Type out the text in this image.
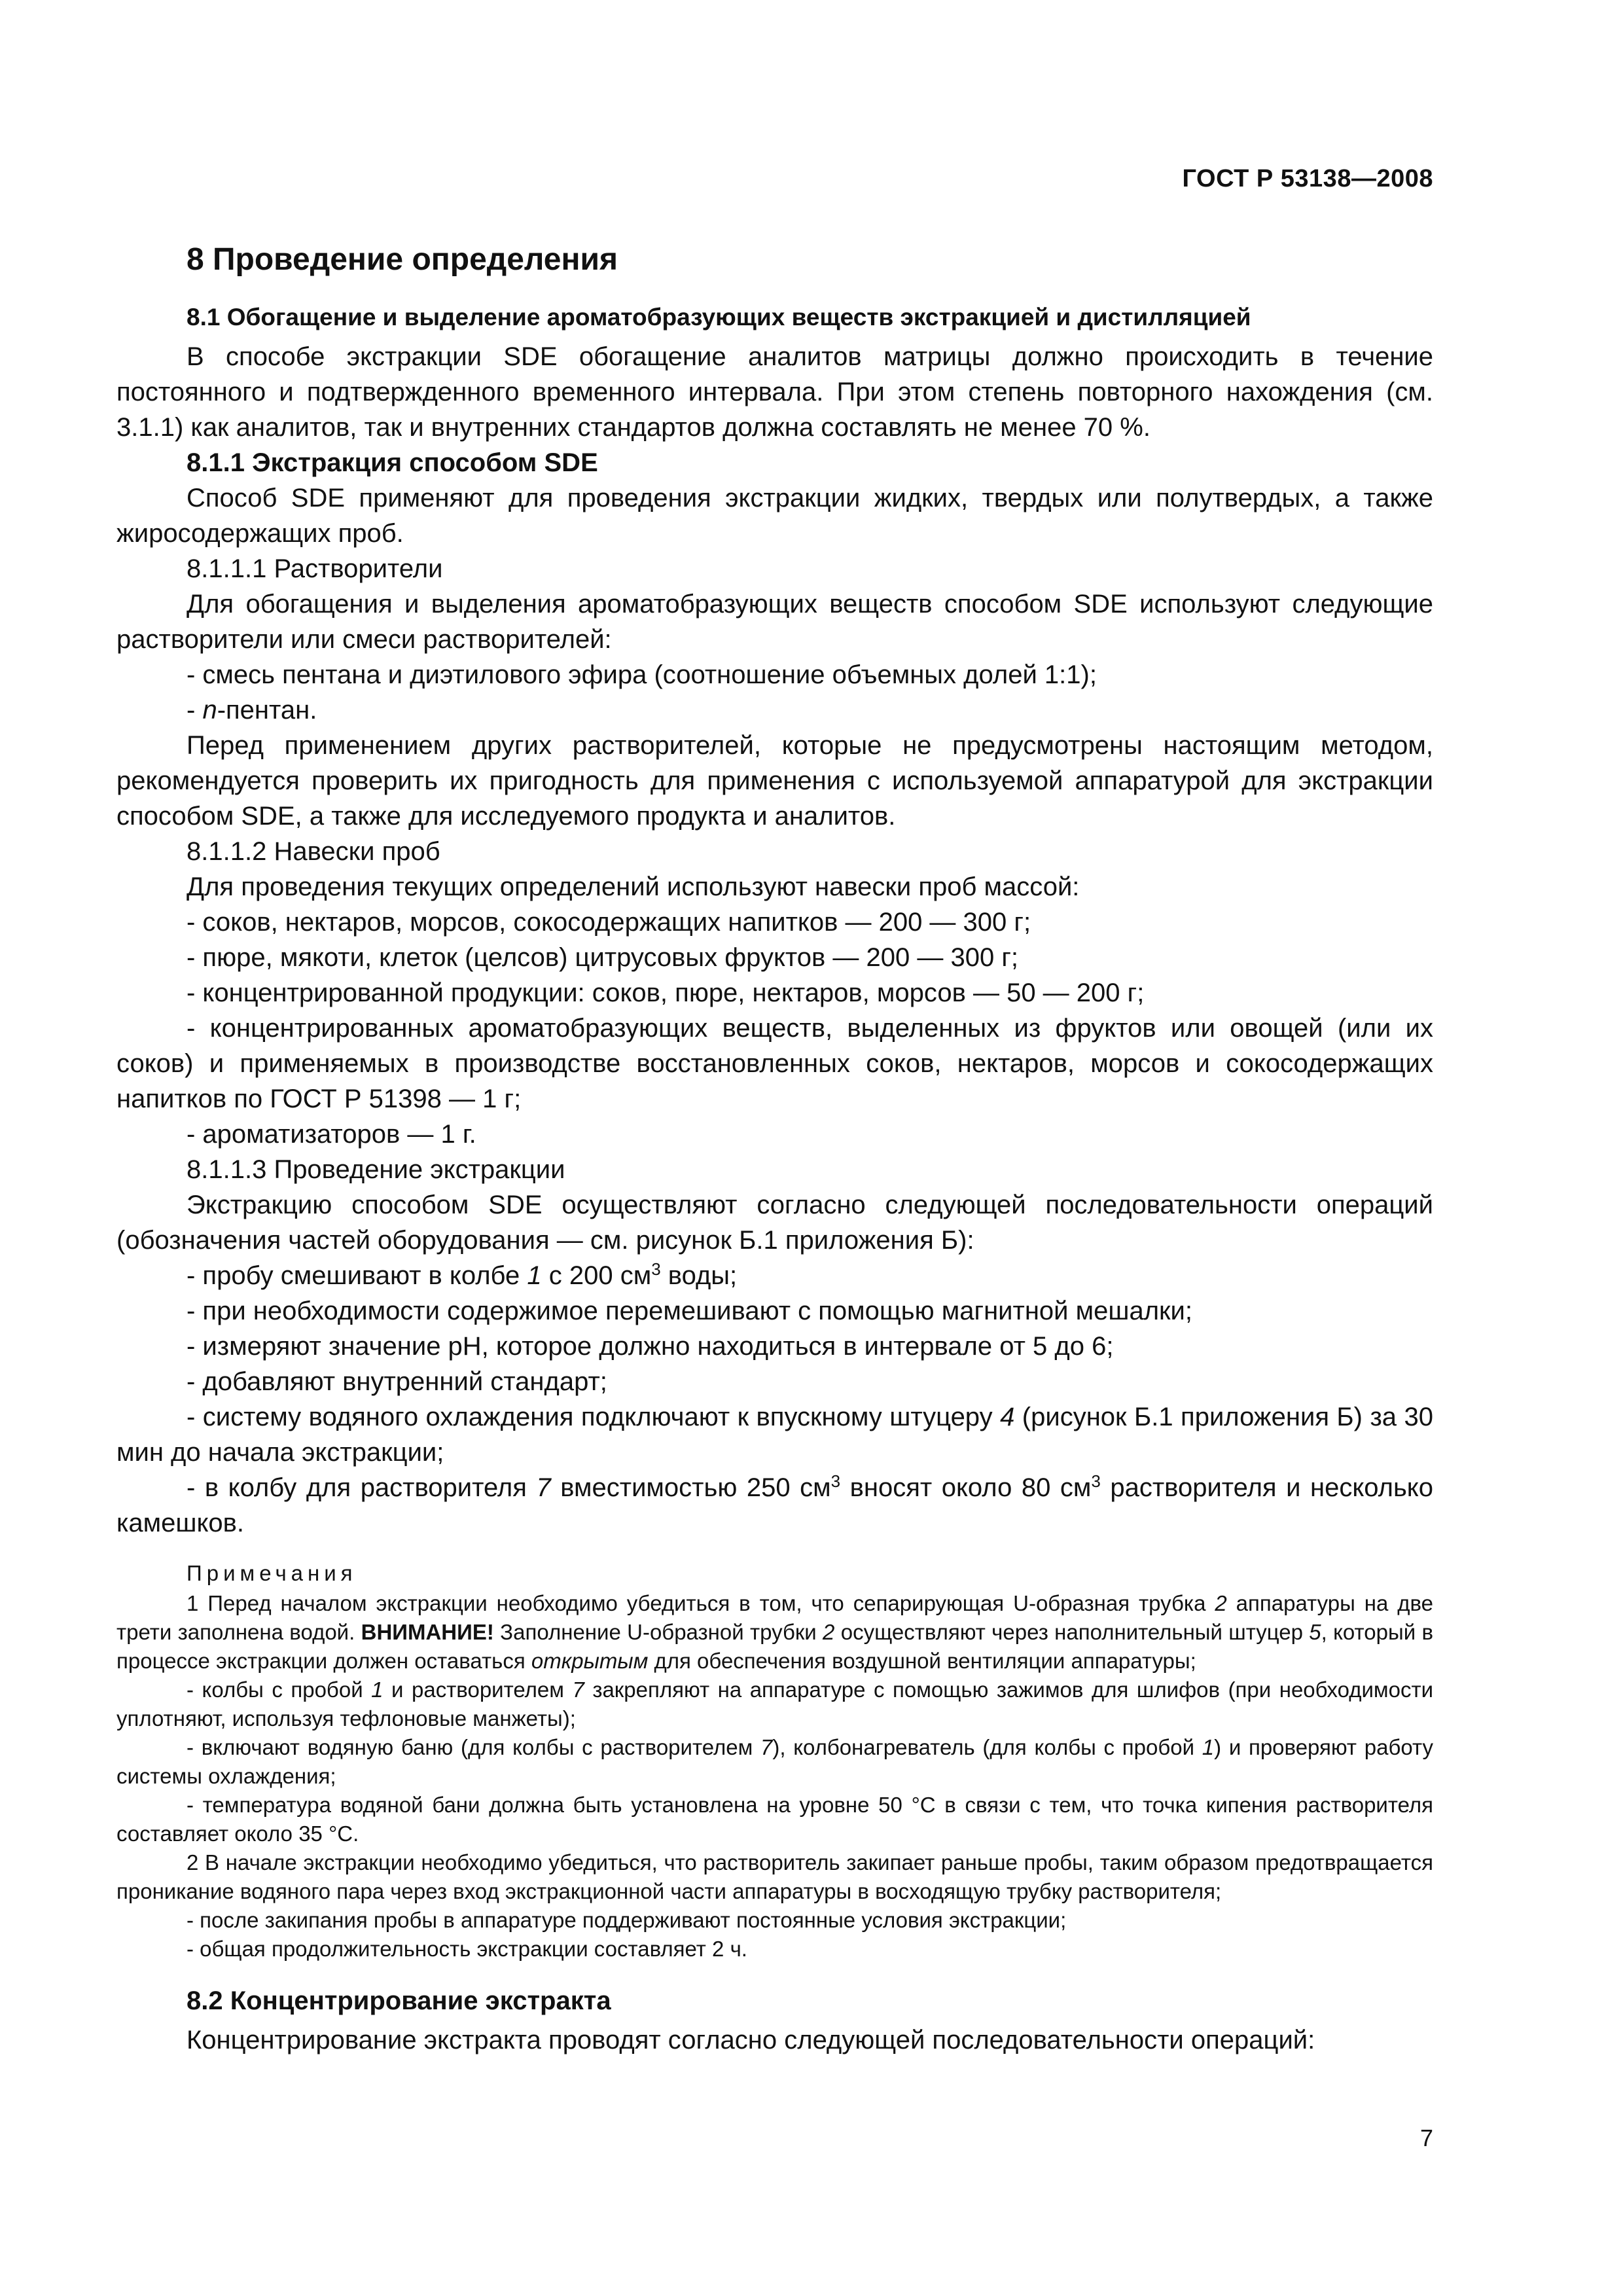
ГОСТ Р 53138—2008
8 Проведение определения
8.1 Обогащение и выделение ароматобразующих веществ экстракцией и дистилляцией

В способе экстракции SDE обогащение аналитов матрицы должно происходить в течение постоянного и подтвержденного временного интервала. При этом степень повторного нахождения (см. 3.1.1) как аналитов, так и внутренних стандартов должна составлять не менее 70 %.

8.1.1 Экстракция способом SDE

Способ SDE применяют для проведения экстракции жидких, твердых или полутвердых, а также жиросодержащих проб.

8.1.1.1 Растворители

Для обогащения и выделения ароматобразующих веществ способом SDE используют следующие растворители или смеси растворителей:

- смесь пентана и диэтилового эфира (соотношение объемных долей 1:1);

- n-пентан.

Перед применением других растворителей, которые не предусмотрены настоящим методом, рекомендуется проверить их пригодность для применения с используемой аппаратурой для экстракции способом SDE, а также для исследуемого продукта и аналитов.

8.1.1.2 Навески проб

Для проведения текущих определений используют навески проб массой:

- соков, нектаров, морсов, сокосодержащих напитков — 200 — 300 г;

- пюре, мякоти, клеток (целсов) цитрусовых фруктов — 200 — 300 г;

- концентрированной продукции: соков, пюре, нектаров, морсов — 50 — 200 г;

- концентрированных ароматобразующих веществ, выделенных из фруктов или овощей (или их соков) и применяемых в производстве восстановленных соков, нектаров, морсов и сокосодержащих напитков по ГОСТ Р 51398 — 1 г;

- ароматизаторов — 1 г.

8.1.1.3 Проведение экстракции

Экстракцию способом SDE осуществляют согласно следующей последовательности операций (обозначения частей оборудования — см. рисунок Б.1 приложения Б):

- пробу смешивают в колбе 1 с 200 $см^3$ воды;

- при необходимости содержимое перемешивают с помощью магнитной мешалки;

- измеряют значение pH, которое должно находиться в интервале от 5 до 6;

- добавляют внутренний стандарт;

- систему водяного охлаждения подключают к впускному штуцеру 4 (рисунок Б.1 приложения Б) за 30 мин до начала экстракции;

- в колбу для растворителя 7 вместимостью 250 $см^3$ вносят около 80 $см^3$ растворителя и несколько камешков.

Примечания

1 Перед началом экстракции необходимо убедиться в том, что сепарирующая U-образная трубка 2 аппаратуры на две трети заполнена водой. ВНИМАНИЕ! Заполнение U-образной трубки 2 осуществляют через наполнительный штуцер 5, который в процессе экстракции должен оставаться открытым для обеспечения воздушной вентиляции аппаратуры;

- колбы с пробой 1 и растворителем 7 закрепляют на аппаратуре с помощью зажимов для шлифов (при необходимости уплотняют, используя тефлоновые манжеты);

- включают водяную баню (для колбы с растворителем 7), колбонагреватель (для колбы с пробой 1) и проверяют работу системы охлаждения;

- температура водяной бани должна быть установлена на уровне 50 °С в связи с тем, что точка кипения растворителя составляет около 35 °С.

2 В начале экстракции необходимо убедиться, что растворитель закипает раньше пробы, таким образом предотвращается проникание водяного пара через вход экстракционной части аппаратуры в восходящую трубку растворителя;

- после закипания пробы в аппаратуре поддерживают постоянные условия экстракции;

- общая продолжительность экстракции составляет 2 ч.

8.2 Концентрирование экстракта

Концентрирование экстракта проводят согласно следующей последовательности операций:

7
